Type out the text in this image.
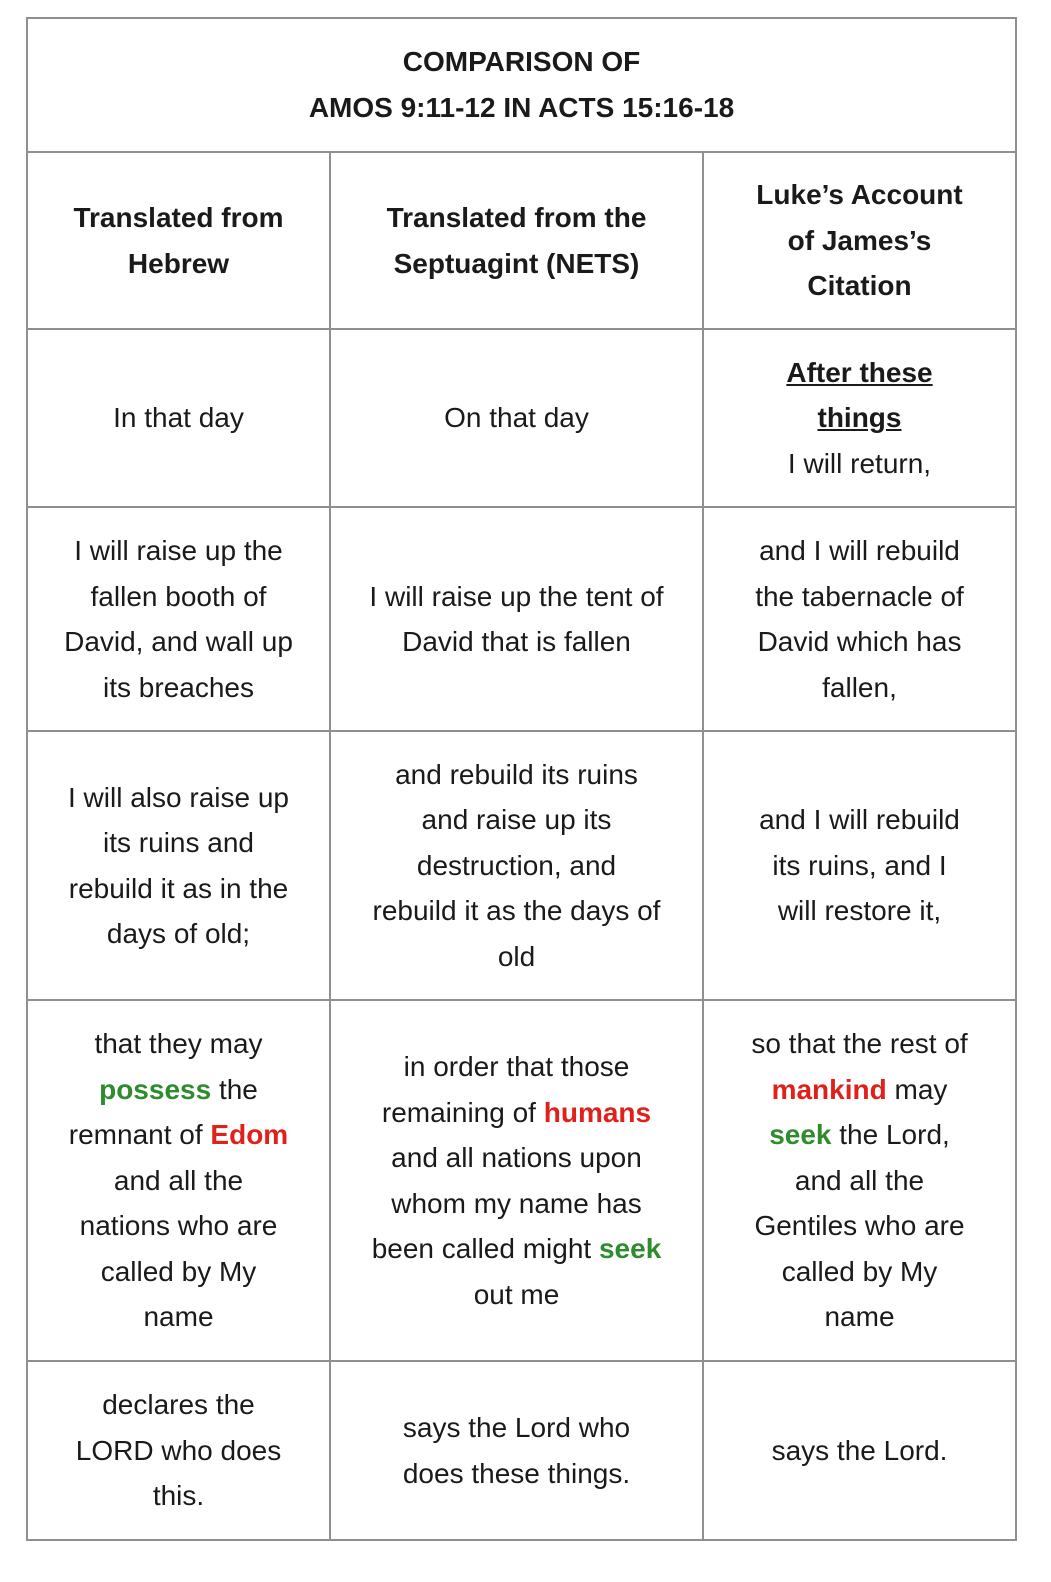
COMPARISON OF
AMOS 9:11-12 IN ACTS 15:16-18
Translated from Hebrew
Translated from the Septuagint (NETS)
Luke’s Account of James’s Citation
In that day	On that day
After these things
I will return,
I will raise up the fallen booth of David, and wall up its breaches
I will raise up the tent of David that is fallen
and I will rebuild the tabernacle of David which has fallen,
I will also raise up its ruins and rebuild it as in the days of old;
and rebuild its ruins and raise up its destruction, and rebuild it as the days of old
and I will rebuild its ruins, and I will restore it,
that they may possess the remnant of Edom and all the nations who are called by My name
in order that those remaining of humans and all nations upon whom my name has been called might seek out me
so that the rest of mankind may seek the Lord, and all the Gentiles who are called by My name
declares the LORD who does this.
says the Lord who does these things.
says the Lord.
